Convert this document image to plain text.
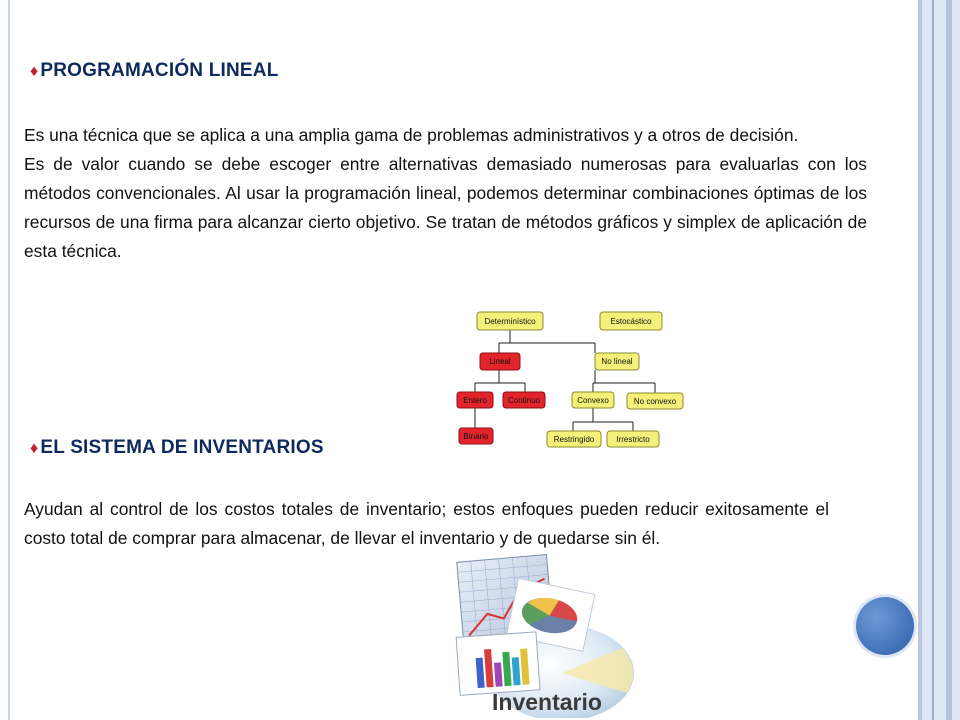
♦ PROGRAMACIÓN LINEAL

Es una técnica que se aplica a una amplia gama de problemas administrativos y a otros de decisión.

Es de valor cuando se debe escoger entre alternativas demasiado numerosas para evaluarlas con los métodos convencionales. Al usar la programación lineal, podemos determinar combinaciones óptimas de los recursos de una firma para alcanzar cierto objetivo. Se tratan de métodos gráficos y simplex de aplicación de esta técnica.

Determinístico	Estocástico
Lineal	No lineal
Entero	Continuo	Convexo	No convexo
Binario	Restringido	Irrestricto
♦ EL SISTEMA DE INVENTARIOS

Ayudan al control de los costos totales de inventario; estos enfoques pueden reducir exitosamente el costo total de comprar para almacenar, de llevar el inventario y de quedarse sin él.

Inventario
